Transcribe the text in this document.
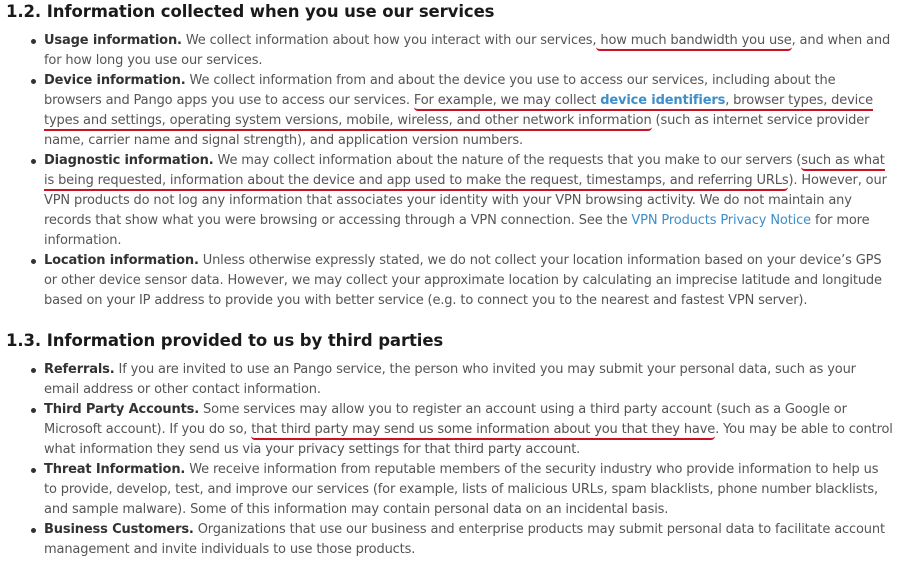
1.2. Information collected when you use our services
Usage information. We collect information about how you interact with our services, how much bandwidth you use, and when and for how long you use our services.
Device information. We collect information from and about the device you use to access our services, including about the browsers and Pango apps you use to access our services. For example, we may collect device identifiers, browser types, device types and settings, operating system versions, mobile, wireless, and other network information (such as internet service provider name, carrier name and signal strength), and application version numbers.
Diagnostic information. We may collect information about the nature of the requests that you make to our servers (such as what is being requested, information about the device and app used to make the request, timestamps, and referring URLs). However, our VPN products do not log any information that associates your identity with your VPN browsing activity. We do not maintain any records that show what you were browsing or accessing through a VPN connection. See the VPN Products Privacy Notice for more information.
Location information. Unless otherwise expressly stated, we do not collect your location information based on your device’s GPS or other device sensor data. However, we may collect your approximate location by calculating an imprecise latitude and longitude based on your IP address to provide you with better service (e.g. to connect you to the nearest and fastest VPN server).
1.3. Information provided to us by third parties
Referrals. If you are invited to use an Pango service, the person who invited you may submit your personal data, such as your email address or other contact information.
Third Party Accounts. Some services may allow you to register an account using a third party account (such as a Google or Microsoft account). If you do so, that third party may send us some information about you that they have. You may be able to control what information they send us via your privacy settings for that third party account.
Threat Information. We receive information from reputable members of the security industry who provide information to help us to provide, develop, test, and improve our services (for example, lists of malicious URLs, spam blacklists, phone number blacklists, and sample malware). Some of this information may contain personal data on an incidental basis.
Business Customers. Organizations that use our business and enterprise products may submit personal data to facilitate account management and invite individuals to use those products.
